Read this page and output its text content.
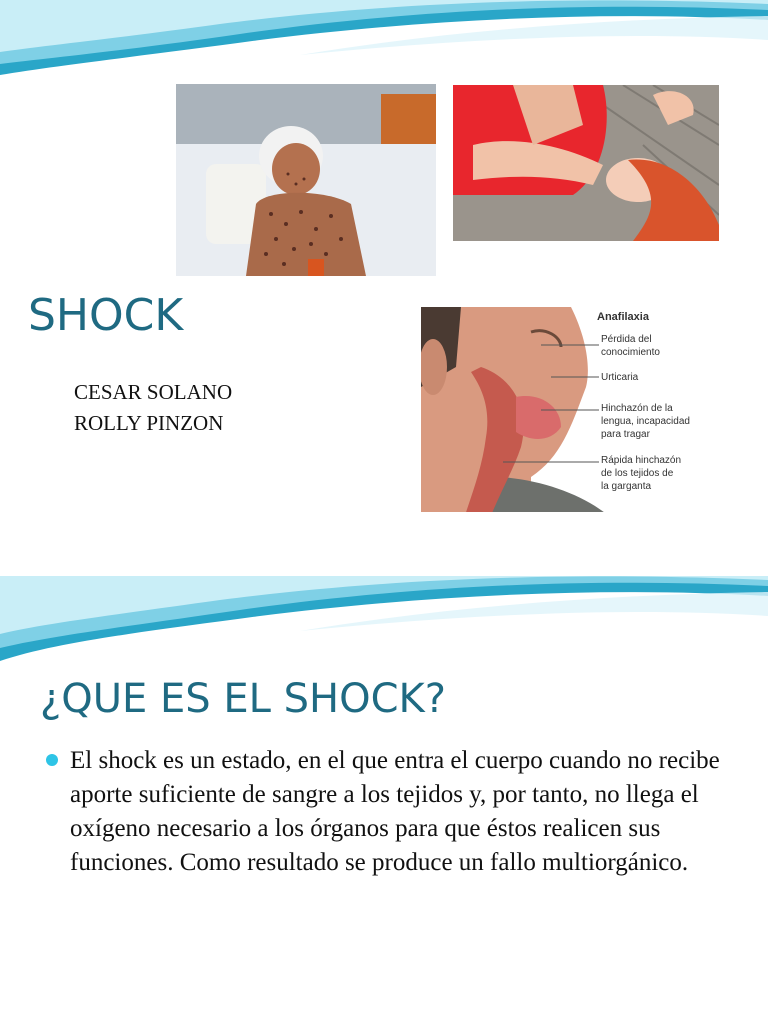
SHOCK
CESAR SOLANO
ROLLY PINZON
Anafilaxia
Pérdida del
conocimiento
Urticaria
Hinchazón de la
lengua, incapacidad
para tragar
Rápida hinchazón
de los tejidos de
la garganta
¿QUE ES EL SHOCK?
El shock es un estado, en el que entra el cuerpo cuando no recibe aporte suficiente de sangre a los tejidos y, por tanto, no llega el oxígeno necesario a los órganos para que éstos realicen sus funciones. Como resultado se produce un fallo multiorgánico.
